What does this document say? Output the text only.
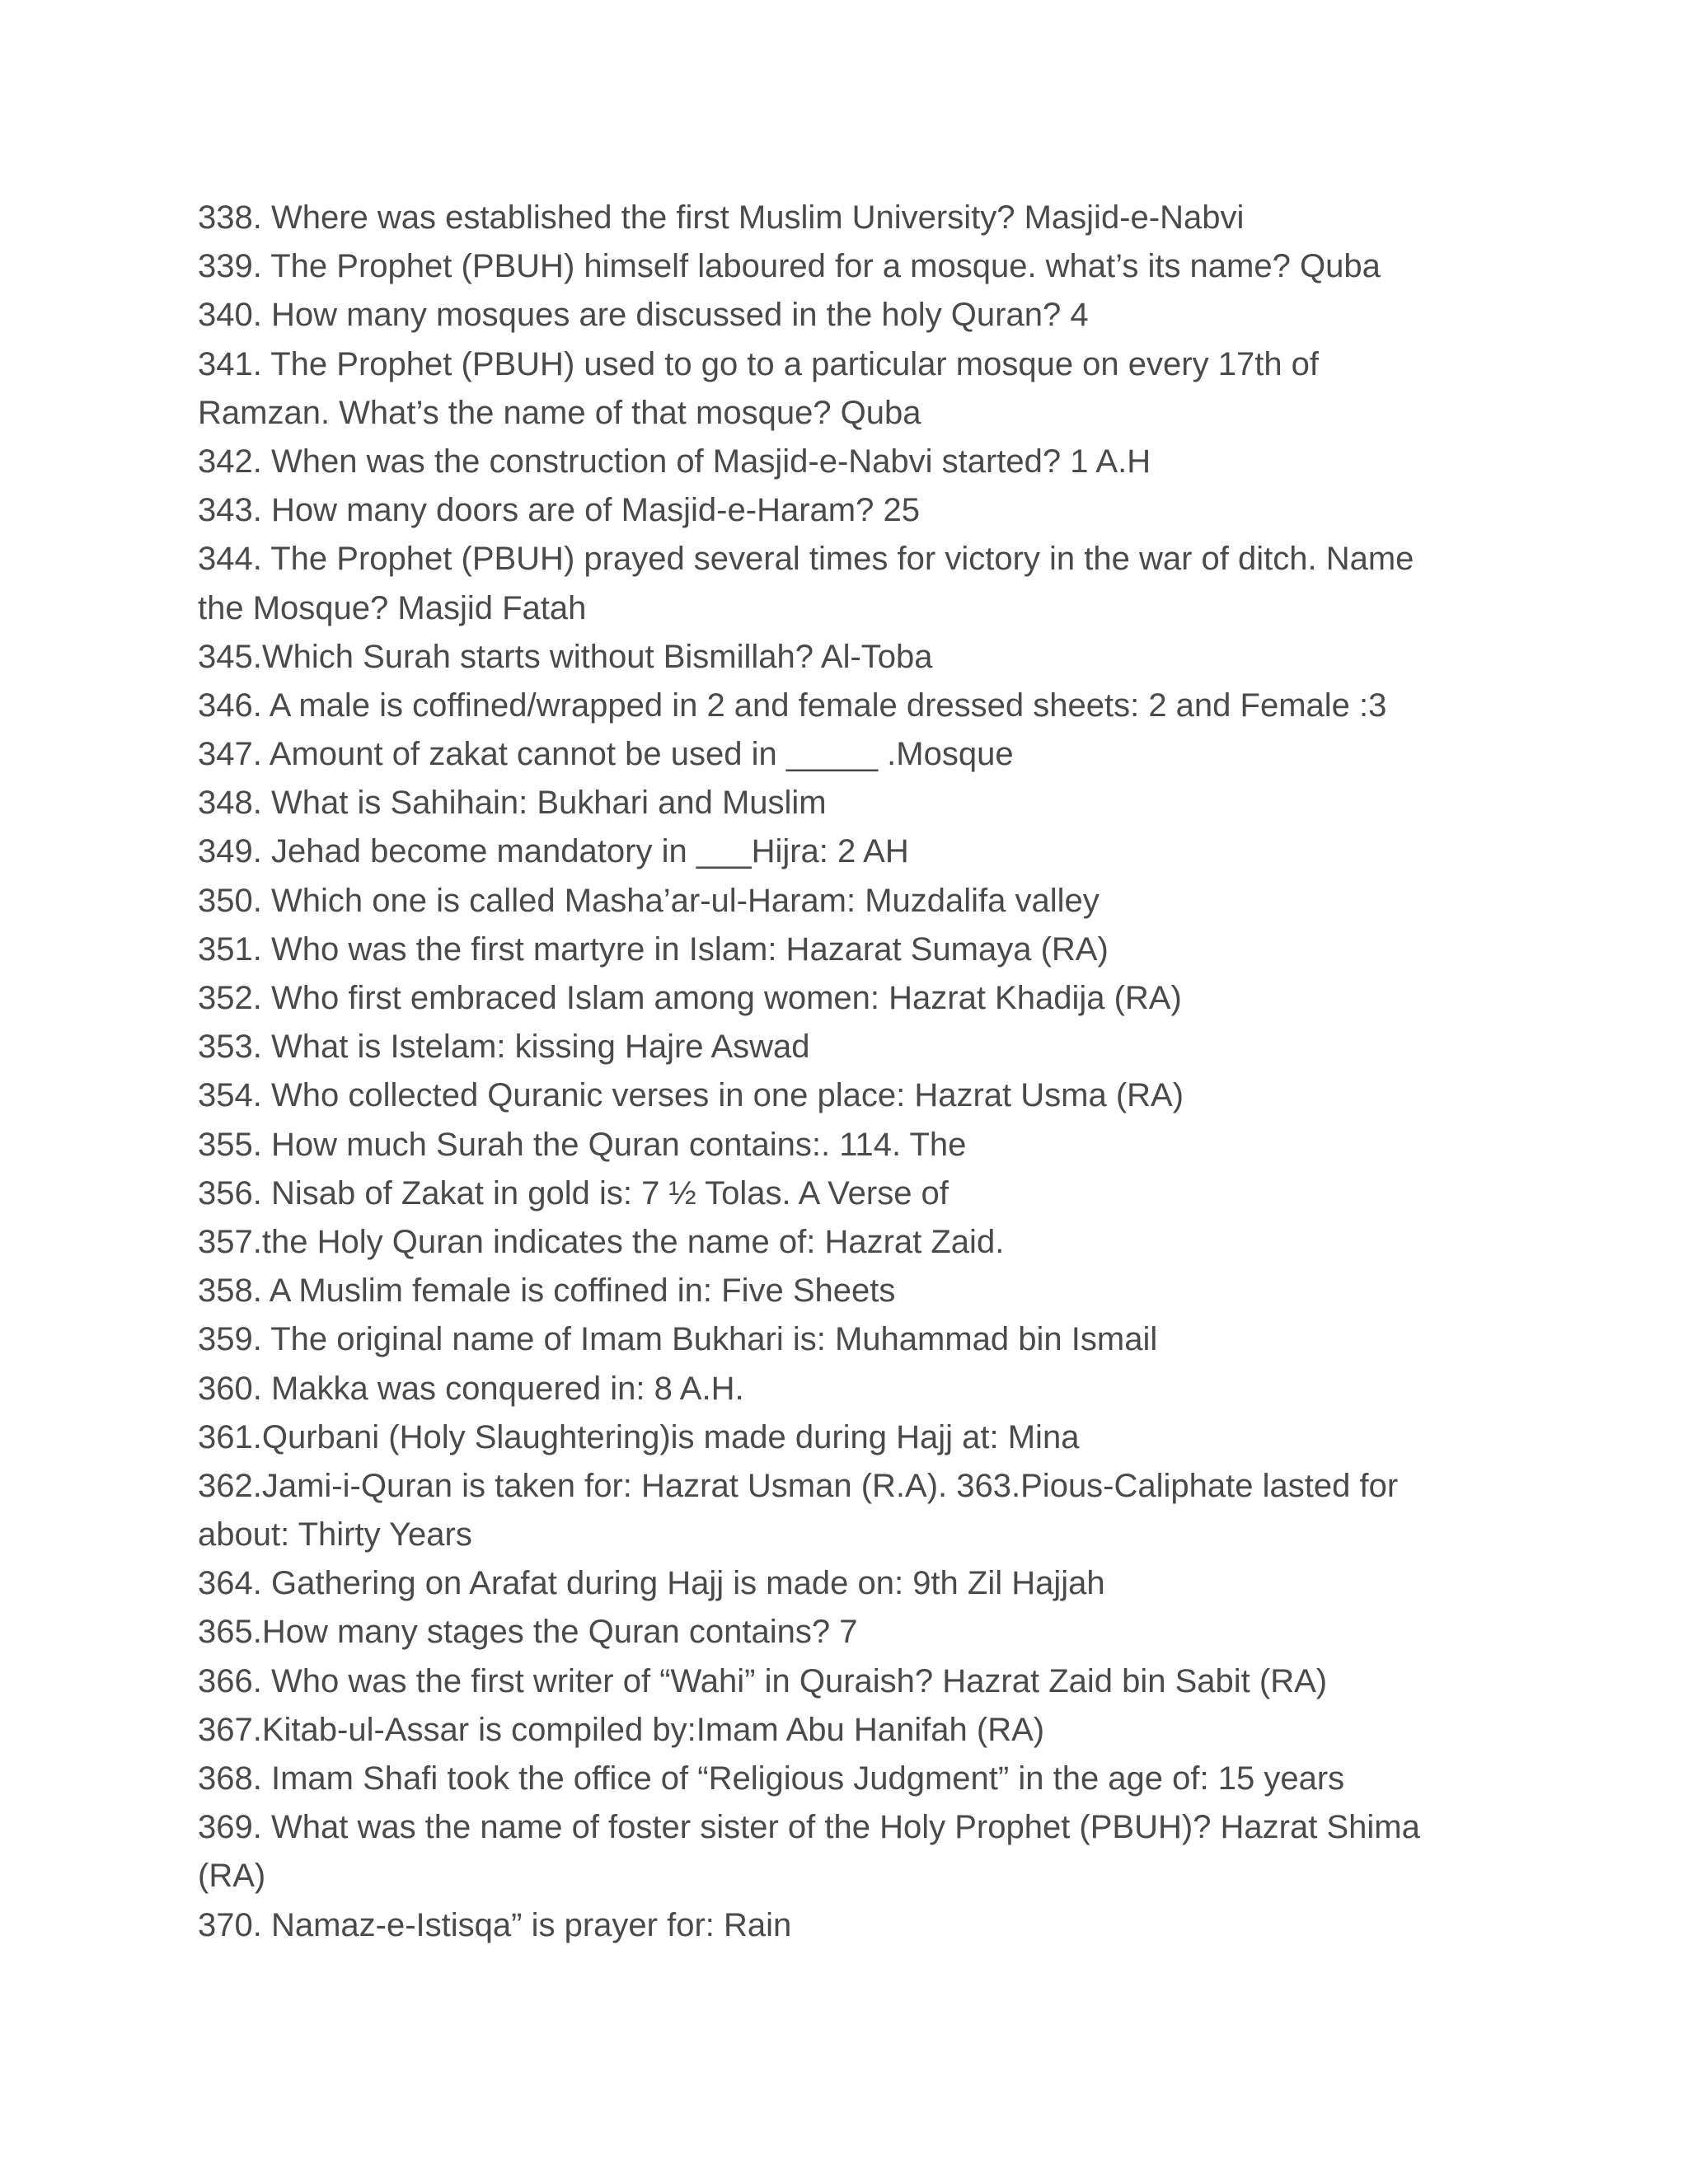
338. Where was established the first Muslim University? Masjid-e-Nabvi

339. The Prophet (PBUH) himself laboured for a mosque. what’s its name? Quba

340. How many mosques are discussed in the holy Quran? 4

341. The Prophet (PBUH) used to go to a particular mosque on every 17th of

Ramzan. What’s the name of that mosque? Quba

342. When was the construction of Masjid-e-Nabvi started? 1 A.H

343. How many doors are of Masjid-e-Haram? 25

344. The Prophet (PBUH) prayed several times for victory in the war of ditch. Name

the Mosque? Masjid Fatah

345.Which Surah starts without Bismillah? Al-Toba

346. A male is coffined/wrapped in 2 and female dressed sheets: 2 and Female :3

347. Amount of zakat cannot be used in _____ .Mosque

348. What is Sahihain: Bukhari and Muslim

349. Jehad become mandatory in ___Hijra: 2 AH

350. Which one is called Masha’ar-ul-Haram: Muzdalifa valley

351. Who was the first martyre in Islam: Hazarat Sumaya (RA)

352. Who first embraced Islam among women: Hazrat Khadija (RA)

353. What is Istelam: kissing Hajre Aswad

354. Who collected Quranic verses in one place: Hazrat Usma (RA)

355. How much Surah the Quran contains:. 114. The

356. Nisab of Zakat in gold is: 7 ½ Tolas. A Verse of

357.the Holy Quran indicates the name of: Hazrat Zaid.

358. A Muslim female is coffined in: Five Sheets

359. The original name of Imam Bukhari is: Muhammad bin Ismail

360. Makka was conquered in: 8 A.H.

361.Qurbani (Holy Slaughtering)is made during Hajj at: Mina

362.Jami-i-Quran is taken for: Hazrat Usman (R.A). 363.Pious-Caliphate lasted for

about: Thirty Years

364. Gathering on Arafat during Hajj is made on: 9th Zil Hajjah

365.How many stages the Quran contains? 7

366. Who was the first writer of “Wahi” in Quraish? Hazrat Zaid bin Sabit (RA)

367.Kitab-ul-Assar is compiled by:Imam Abu Hanifah (RA)

368. Imam Shafi took the office of “Religious Judgment” in the age of: 15 years

369. What was the name of foster sister of the Holy Prophet (PBUH)? Hazrat Shima

(RA)

370. Namaz-e-Istisqa” is prayer for: Rain
